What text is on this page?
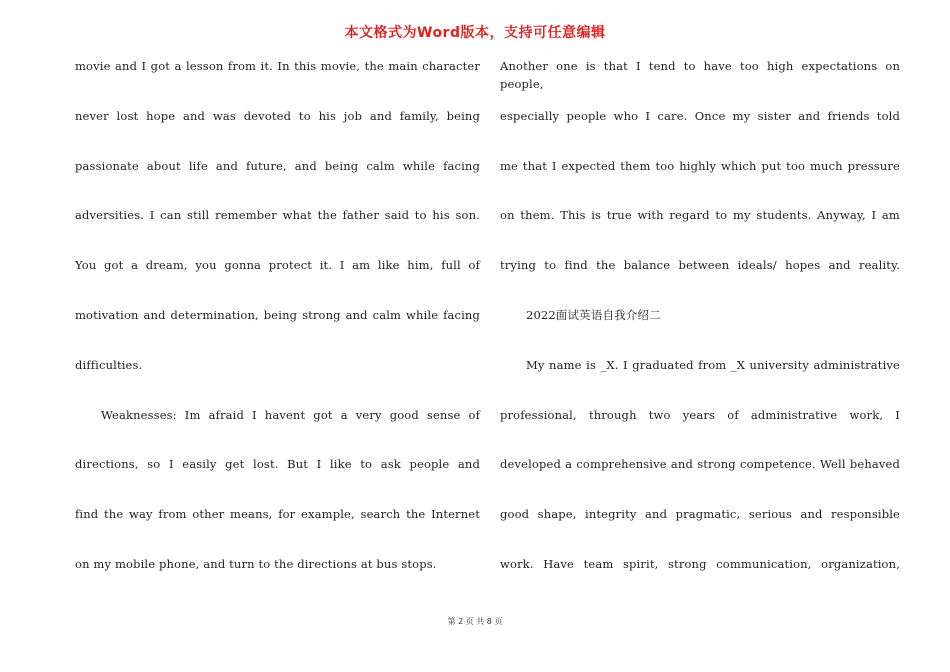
本文格式为Word版本，支持可任意编辑
movie and I got a lesson from it. In this movie, the main character
never lost hope and was devoted to his job and family, being
passionate about life and future, and being calm while facing
adversities. I can still remember what the father said to his son.
You got a dream, you gonna protect it. I am like him, full of
motivation and determination, being strong and calm while facing
difficulties.
Weaknesses: Im afraid I havent got a very good sense of
directions, so I easily get lost. But I like to ask people and
find the way from other means, for example, search the Internet
on my mobile phone, and turn to the directions at bus stops.
Another one is that I tend to have too high expectations on people,
especially people who I care. Once my sister and friends told
me that I expected them too highly which put too much pressure
on them. This is true with regard to my students. Anyway, I am
trying to find the balance between ideals/ hopes and reality.
2022面试英语自我介绍二
My name is _X. I graduated from _X university administrative
professional, through two years of administrative work, I
developed a comprehensive and strong competence. Well behaved
good shape, integrity and pragmatic, serious and responsible
work. Have team spirit, strong communication, organization,
第 2 页 共 8 页
